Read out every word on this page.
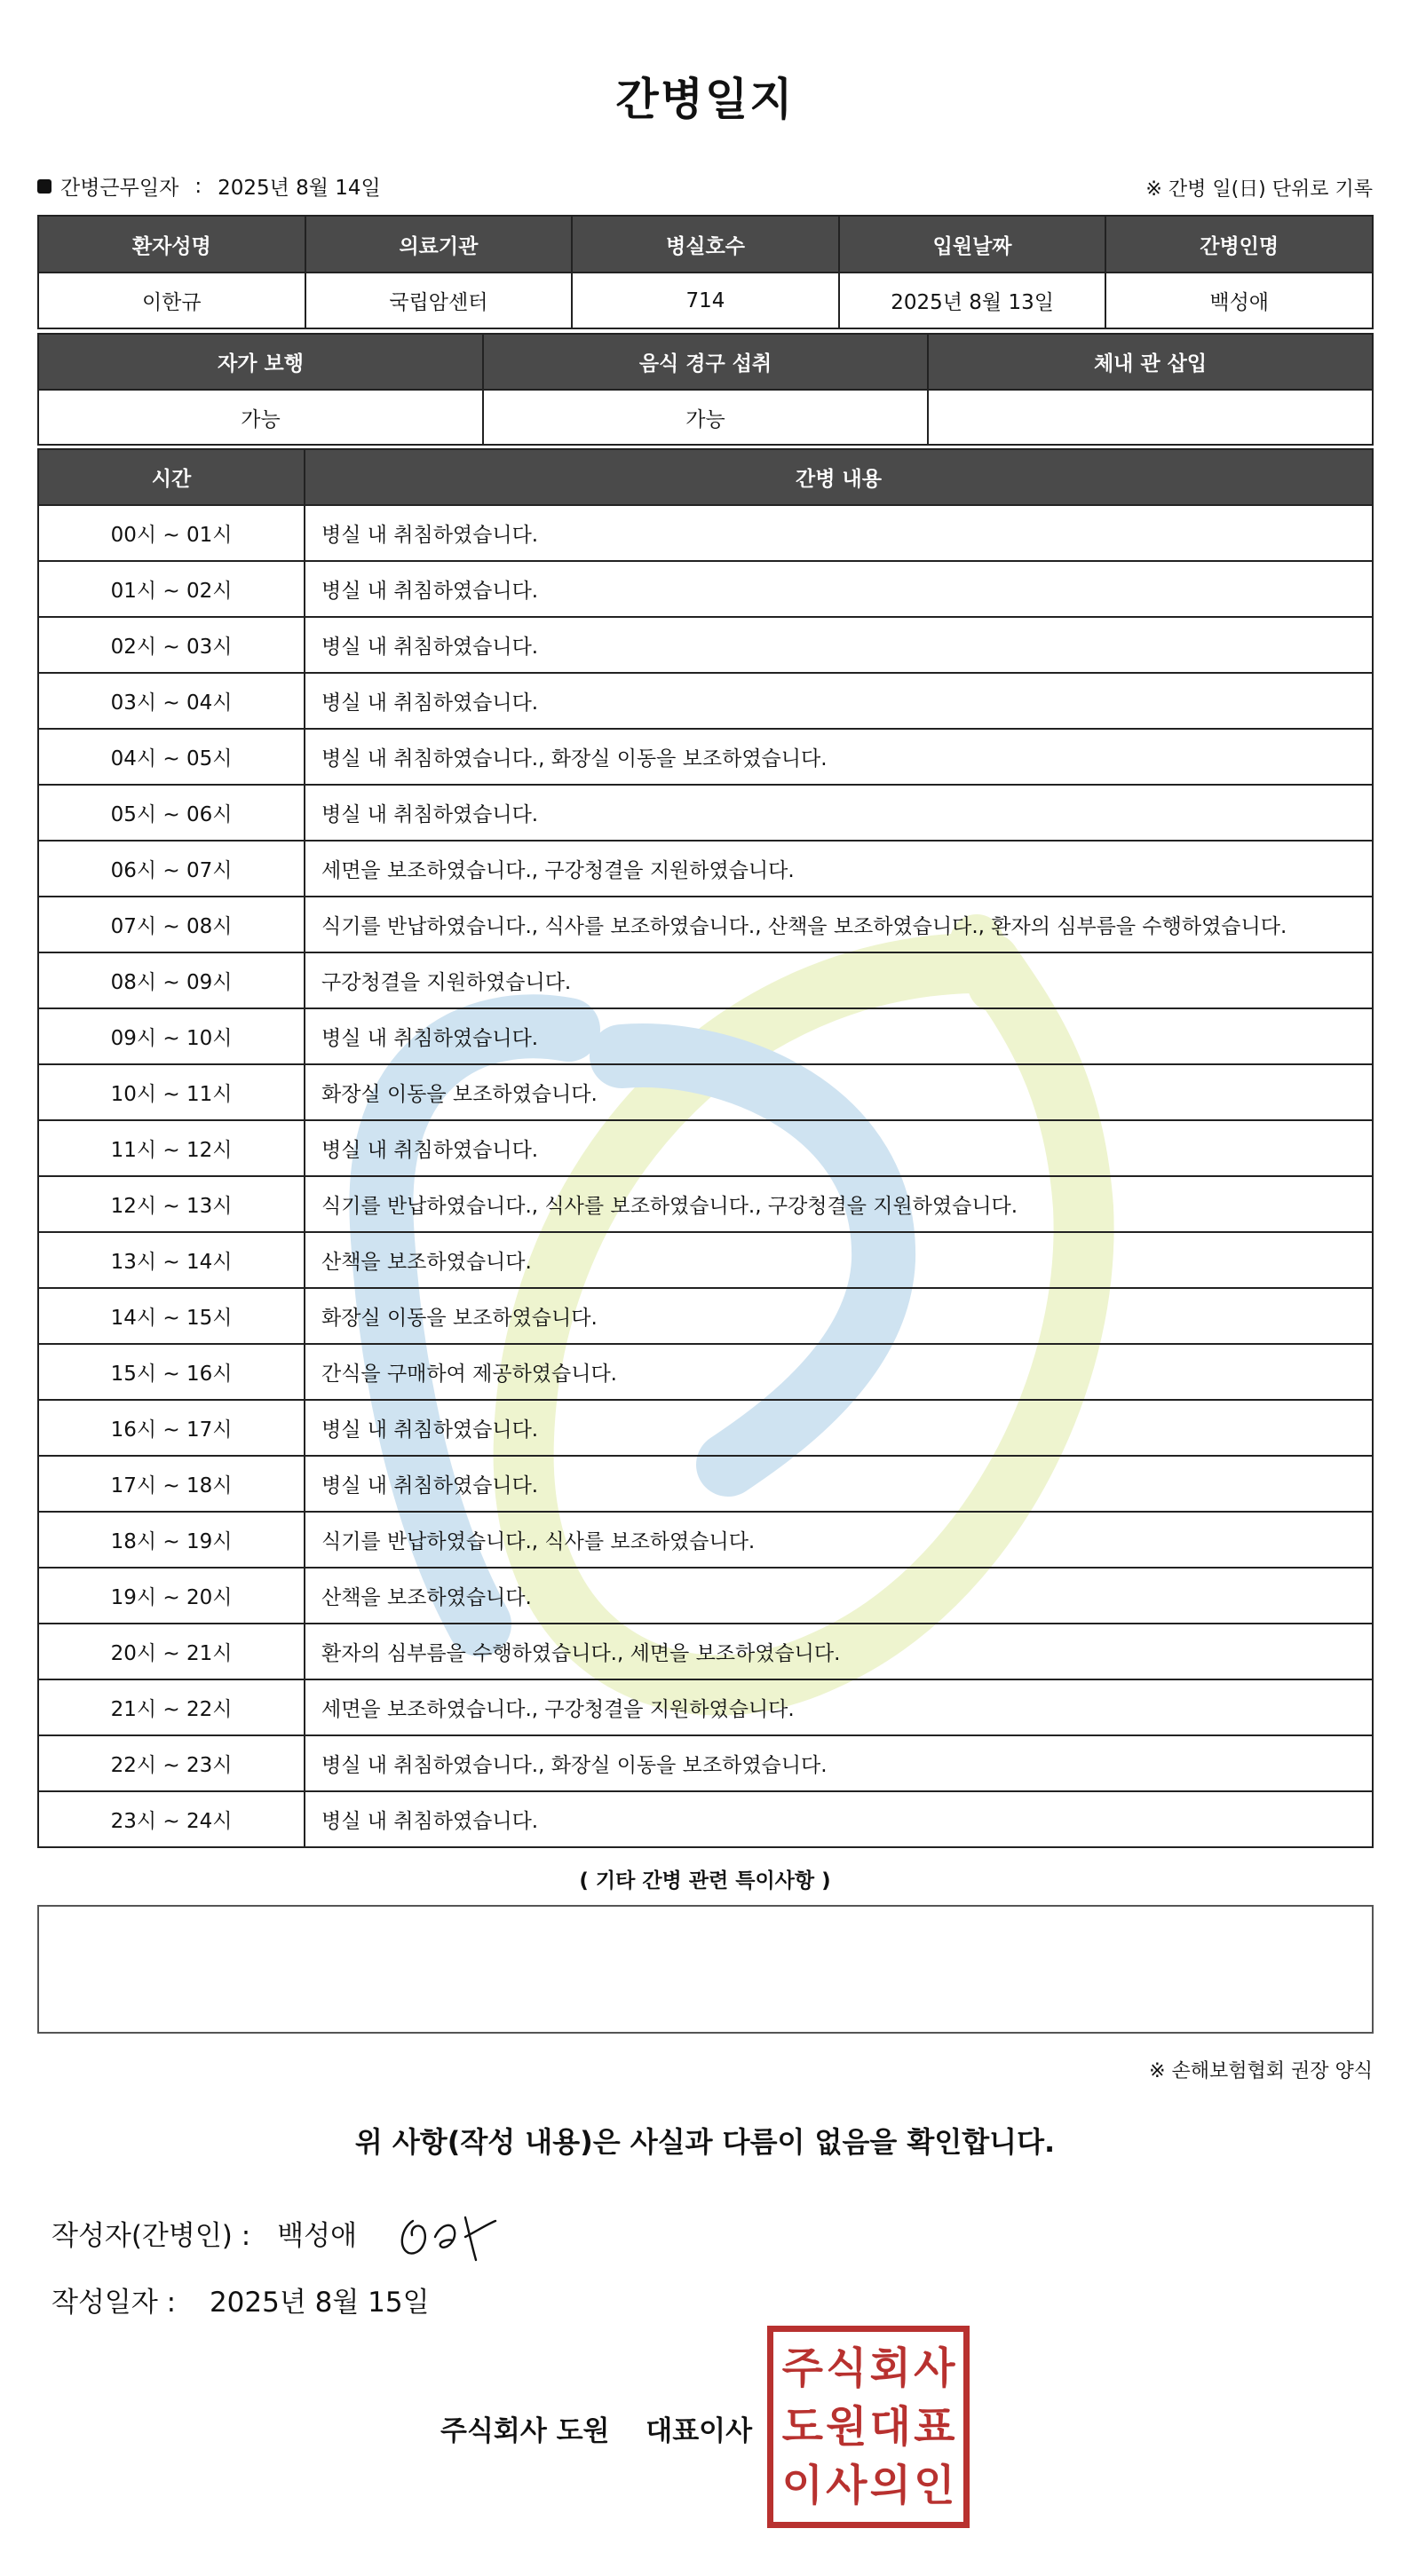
간병일지
간병근무일자 : 2025년 8월 14일	※ 간병 일(日) 단위로 기록
환자성명	의료기관	병실호수	입원날짜	간병인명
이한규	국립암센터	714	2025년 8월 13일	백성애
자가 보행	음식 경구 섭취	체내 관 삽입
가능	가능	
시간	간병 내용
00시 ~ 01시	병실 내 취침하였습니다.
01시 ~ 02시	병실 내 취침하였습니다.
02시 ~ 03시	병실 내 취침하였습니다.
03시 ~ 04시	병실 내 취침하였습니다.
04시 ~ 05시	병실 내 취침하였습니다., 화장실 이동을 보조하였습니다.
05시 ~ 06시	병실 내 취침하였습니다.
06시 ~ 07시	세면을 보조하였습니다., 구강청결을 지원하였습니다.
07시 ~ 08시	식기를 반납하였습니다., 식사를 보조하였습니다., 산책을 보조하였습니다., 환자의 심부름을 수행하였습니다.
08시 ~ 09시	구강청결을 지원하였습니다.
09시 ~ 10시	병실 내 취침하였습니다.
10시 ~ 11시	화장실 이동을 보조하였습니다.
11시 ~ 12시	병실 내 취침하였습니다.
12시 ~ 13시	식기를 반납하였습니다., 식사를 보조하였습니다., 구강청결을 지원하였습니다.
13시 ~ 14시	산책을 보조하였습니다.
14시 ~ 15시	화장실 이동을 보조하였습니다.
15시 ~ 16시	간식을 구매하여 제공하였습니다.
16시 ~ 17시	병실 내 취침하였습니다.
17시 ~ 18시	병실 내 취침하였습니다.
18시 ~ 19시	식기를 반납하였습니다., 식사를 보조하였습니다.
19시 ~ 20시	산책을 보조하였습니다.
20시 ~ 21시	환자의 심부름을 수행하였습니다., 세면을 보조하였습니다.
21시 ~ 22시	세면을 보조하였습니다., 구강청결을 지원하였습니다.
22시 ~ 23시	병실 내 취침하였습니다., 화장실 이동을 보조하였습니다.
23시 ~ 24시	병실 내 취침하였습니다.
( 기타 간병 관련 특이사항 )
※ 손해보험협회 권장 양식
위 사항(작성 내용)은 사실과 다름이 없음을 확인합니다.
작성자(간병인) : 백성애
작성일자 : 2025년 8월 15일
주식회사 도원 대표이사
주 식 회 사
도 원 대 표
이 사 의 인
